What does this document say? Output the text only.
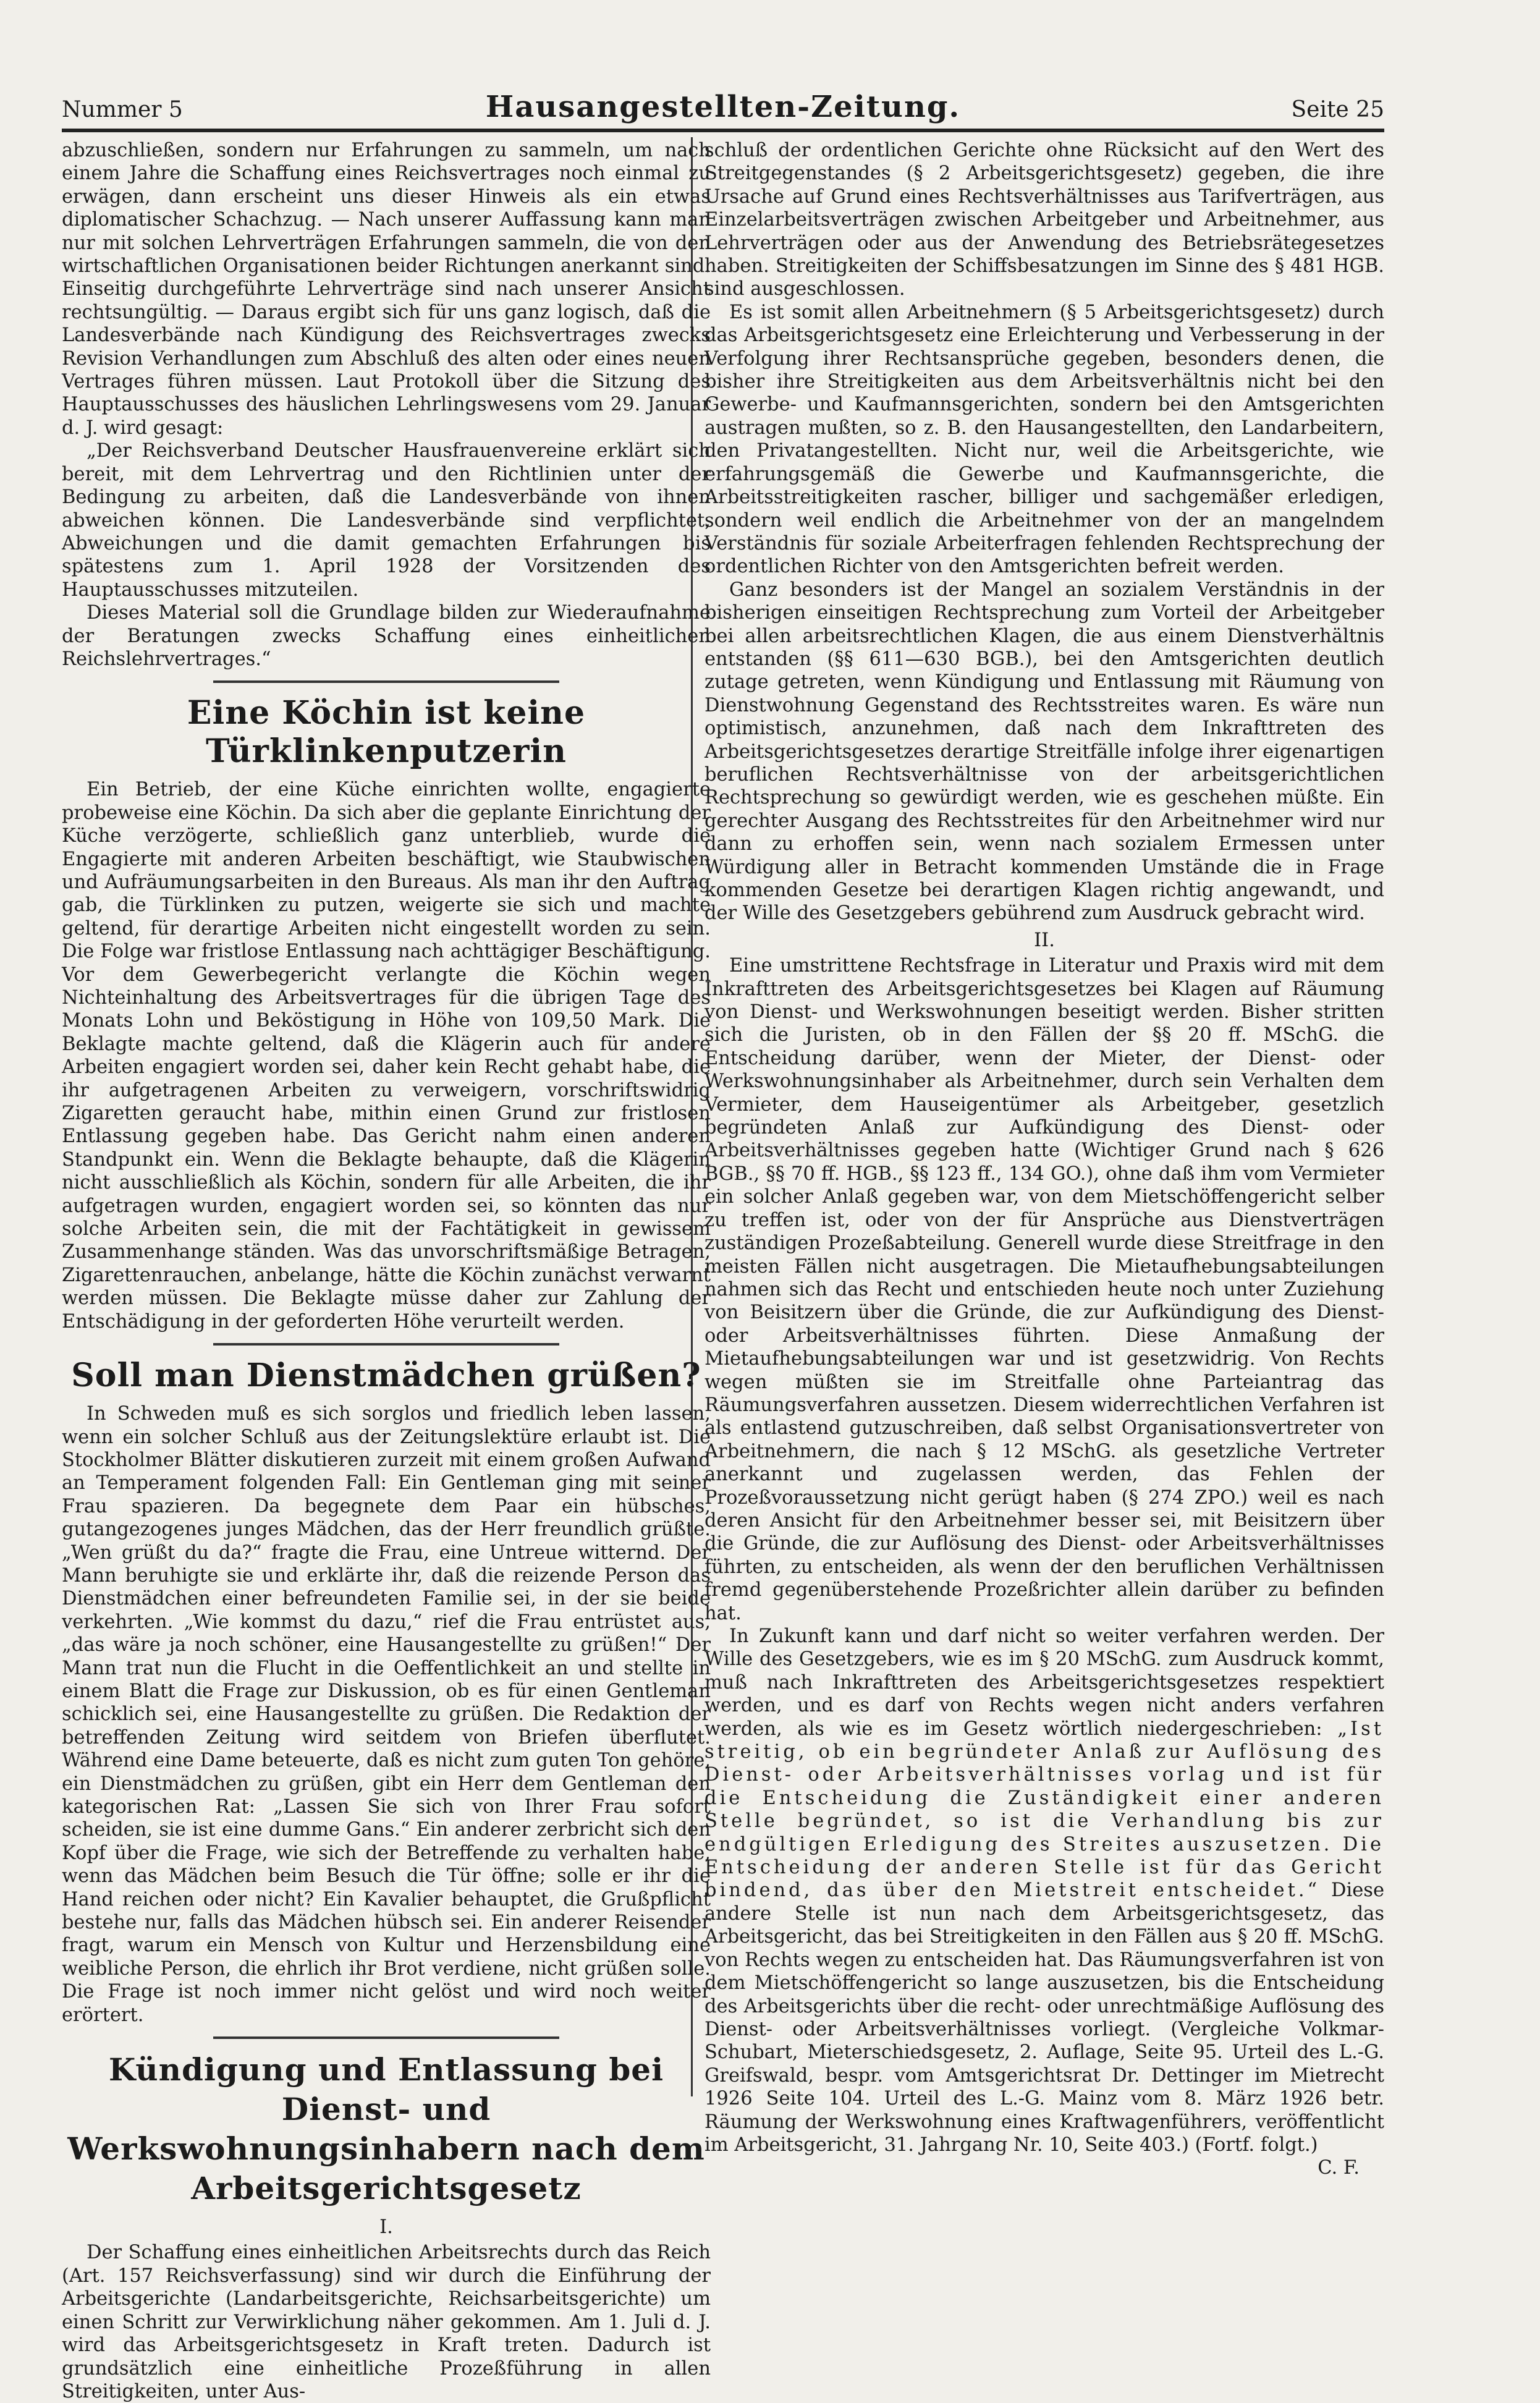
Nummer 5	Hausangestellten-Zeitung.	Seite 25

abzuschließen, sondern nur Erfahrungen zu sammeln, um nach einem Jahre die Schaffung eines Reichsvertrages noch einmal zu erwägen, dann erscheint uns dieser Hinweis als ein etwas diplomatischer Schachzug. — Nach unserer Auffassung kann man nur mit solchen Lehrverträgen Erfahrungen sammeln, die von den wirtschaftlichen Organisationen beider Richtungen anerkannt sind. Einseitig durchgeführte Lehrverträge sind nach unserer Ansicht rechtsungültig. — Daraus ergibt sich für uns ganz logisch, daß die Landesverbände nach Kündigung des Reichsvertrages zwecks Revision Verhandlungen zum Abschluß des alten oder eines neuen Vertrages führen müssen. Laut Protokoll über die Sitzung des Hauptausschusses des häuslichen Lehrlingswesens vom 29. Januar d. J. wird gesagt:

„Der Reichsverband Deutscher Hausfrauenvereine erklärt sich bereit, mit dem Lehrvertrag und den Richtlinien unter der Bedingung zu arbeiten, daß die Landesverbände von ihnen abweichen können. Die Landesverbände sind verpflichtet, Abweichungen und die damit gemachten Erfahrungen bis spätestens zum 1. April 1928 der Vorsitzenden des Hauptausschusses mitzuteilen.

Dieses Material soll die Grundlage bilden zur Wiederaufnahme der Beratungen zwecks Schaffung eines einheitlichen Reichslehrvertrages.“

Eine Köchin ist keine Türklinkenputzerin

Ein Betrieb, der eine Küche einrichten wollte, engagierte probeweise eine Köchin. Da sich aber die geplante Einrichtung der Küche verzögerte, schließlich ganz unterblieb, wurde die Engagierte mit anderen Arbeiten beschäftigt, wie Staubwischen und Aufräumungsarbeiten in den Bureaus. Als man ihr den Auftrag gab, die Türklinken zu putzen, weigerte sie sich und machte geltend, für derartige Arbeiten nicht eingestellt worden zu sein. Die Folge war fristlose Entlassung nach achttägiger Beschäftigung. Vor dem Gewerbegericht verlangte die Köchin wegen Nichteinhaltung des Arbeitsvertrages für die übrigen Tage des Monats Lohn und Beköstigung in Höhe von 109,50 Mark. Die Beklagte machte geltend, daß die Klägerin auch für andere Arbeiten engagiert worden sei, daher kein Recht gehabt habe, die ihr aufgetragenen Arbeiten zu verweigern, vorschriftswidrig Zigaretten geraucht habe, mithin einen Grund zur fristlosen Entlassung gegeben habe. Das Gericht nahm einen anderen Standpunkt ein. Wenn die Beklagte behaupte, daß die Klägerin nicht ausschließlich als Köchin, sondern für alle Arbeiten, die ihr aufgetragen wurden, engagiert worden sei, so könnten das nur solche Arbeiten sein, die mit der Fachtätigkeit in gewissem Zusammenhange ständen. Was das unvorschriftsmäßige Betragen, Zigarettenrauchen, anbelange, hätte die Köchin zunächst verwarnt werden müssen. Die Beklagte müsse daher zur Zahlung der Entschädigung in der geforderten Höhe verurteilt werden.

Soll man Dienstmädchen grüßen?

In Schweden muß es sich sorglos und friedlich leben lassen, wenn ein solcher Schluß aus der Zeitungslektüre erlaubt ist. Die Stockholmer Blätter diskutieren zurzeit mit einem großen Aufwand an Temperament folgenden Fall: Ein Gentleman ging mit seiner Frau spazieren. Da begegnete dem Paar ein hübsches, gutangezogenes junges Mädchen, das der Herr freundlich grüßte. „Wen grüßt du da?“ fragte die Frau, eine Untreue witternd. Der Mann beruhigte sie und erklärte ihr, daß die reizende Person das Dienstmädchen einer befreundeten Familie sei, in der sie beide verkehrten. „Wie kommst du dazu,“ rief die Frau entrüstet aus, „das wäre ja noch schöner, eine Hausangestellte zu grüßen!“ Der Mann trat nun die Flucht in die Oeffentlichkeit an und stellte in einem Blatt die Frage zur Diskussion, ob es für einen Gentleman schicklich sei, eine Hausangestellte zu grüßen. Die Redaktion der betreffenden Zeitung wird seitdem von Briefen überflutet. Während eine Dame beteuerte, daß es nicht zum guten Ton gehöre, ein Dienstmädchen zu grüßen, gibt ein Herr dem Gentleman den kategorischen Rat: „Lassen Sie sich von Ihrer Frau sofort scheiden, sie ist eine dumme Gans.“ Ein anderer zerbricht sich den Kopf über die Frage, wie sich der Betreffende zu verhalten habe, wenn das Mädchen beim Besuch die Tür öffne; solle er ihr die Hand reichen oder nicht? Ein Kavalier behauptet, die Grußpflicht bestehe nur, falls das Mädchen hübsch sei. Ein anderer Reisender fragt, warum ein Mensch von Kultur und Herzensbildung eine weibliche Person, die ehrlich ihr Brot verdiene, nicht grüßen solle. Die Frage ist noch immer nicht gelöst und wird noch weiter erörtert.

Kündigung und Entlassung bei Dienst- und Werkswohnungsinhabern nach dem Arbeitsgerichtsgesetz

I.

Der Schaffung eines einheitlichen Arbeitsrechts durch das Reich (Art. 157 Reichsverfassung) sind wir durch die Einführung der Arbeitsgerichte (Landarbeitsgerichte, Reichsarbeitsgerichte) um einen Schritt zur Verwirklichung näher gekommen. Am 1. Juli d. J. wird das Arbeitsgerichtsgesetz in Kraft treten. Dadurch ist grundsätzlich eine einheitliche Prozeßführung in allen Streitigkeiten, unter Aus-

schluß der ordentlichen Gerichte ohne Rücksicht auf den Wert des Streitgegenstandes (§ 2 Arbeitsgerichtsgesetz) gegeben, die ihre Ursache auf Grund eines Rechtsverhältnisses aus Tarifverträgen, aus Einzelarbeitsverträgen zwischen Arbeitgeber und Arbeitnehmer, aus Lehrverträgen oder aus der Anwendung des Betriebsrätegesetzes haben. Streitigkeiten der Schiffsbesatzungen im Sinne des § 481 HGB. sind ausgeschlossen.

Es ist somit allen Arbeitnehmern (§ 5 Arbeitsgerichtsgesetz) durch das Arbeitsgerichtsgesetz eine Erleichterung und Verbesserung in der Verfolgung ihrer Rechtsansprüche gegeben, besonders denen, die bisher ihre Streitigkeiten aus dem Arbeitsverhältnis nicht bei den Gewerbe- und Kaufmannsgerichten, sondern bei den Amtsgerichten austragen mußten, so z. B. den Hausangestellten, den Landarbeitern, den Privatangestellten. Nicht nur, weil die Arbeitsgerichte, wie erfahrungsgemäß die Gewerbe und Kaufmannsgerichte, die Arbeitsstreitigkeiten rascher, billiger und sachgemäßer erledigen, sondern weil endlich die Arbeitnehmer von der an mangelndem Verständnis für soziale Arbeiterfragen fehlenden Rechtsprechung der ordentlichen Richter von den Amtsgerichten befreit werden.

Ganz besonders ist der Mangel an sozialem Verständnis in der bisherigen einseitigen Rechtsprechung zum Vorteil der Arbeitgeber bei allen arbeitsrechtlichen Klagen, die aus einem Dienstverhältnis entstanden (§§ 611—630 BGB.), bei den Amtsgerichten deutlich zutage getreten, wenn Kündigung und Entlassung mit Räumung von Dienstwohnung Gegenstand des Rechtsstreites waren. Es wäre nun optimistisch, anzunehmen, daß nach dem Inkrafttreten des Arbeitsgerichtsgesetzes derartige Streitfälle infolge ihrer eigenartigen beruflichen Rechtsverhältnisse von der arbeitsgerichtlichen Rechtsprechung so gewürdigt werden, wie es geschehen müßte. Ein gerechter Ausgang des Rechtsstreites für den Arbeitnehmer wird nur dann zu erhoffen sein, wenn nach sozialem Ermessen unter Würdigung aller in Betracht kommenden Umstände die in Frage kommenden Gesetze bei derartigen Klagen richtig angewandt, und der Wille des Gesetzgebers gebührend zum Ausdruck gebracht wird.

II.

Eine umstrittene Rechtsfrage in Literatur und Praxis wird mit dem Inkrafttreten des Arbeitsgerichtsgesetzes bei Klagen auf Räumung von Dienst- und Werkswohnungen beseitigt werden. Bisher stritten sich die Juristen, ob in den Fällen der §§ 20 ff. MSchG. die Entscheidung darüber, wenn der Mieter, der Dienst- oder Werkswohnungsinhaber als Arbeitnehmer, durch sein Verhalten dem Vermieter, dem Hauseigentümer als Arbeitgeber, gesetzlich begründeten Anlaß zur Aufkündigung des Dienst- oder Arbeitsverhältnisses gegeben hatte (Wichtiger Grund nach § 626 BGB., §§ 70 ff. HGB., §§ 123 ff., 134 GO.), ohne daß ihm vom Vermieter ein solcher Anlaß gegeben war, von dem Mietschöffengericht selber zu treffen ist, oder von der für Ansprüche aus Dienstverträgen zuständigen Prozeßabteilung. Generell wurde diese Streitfrage in den meisten Fällen nicht ausgetragen. Die Mietaufhebungsabteilungen nahmen sich das Recht und entschieden heute noch unter Zuziehung von Beisitzern über die Gründe, die zur Aufkündigung des Dienst- oder Arbeitsverhältnisses führten. Diese Anmaßung der Mietaufhebungsabteilungen war und ist gesetzwidrig. Von Rechts wegen müßten sie im Streitfalle ohne Parteiantrag das Räumungsverfahren aussetzen. Diesem widerrechtlichen Verfahren ist als entlastend gutzuschreiben, daß selbst Organisationsvertreter von Arbeitnehmern, die nach § 12 MSchG. als gesetzliche Vertreter anerkannt und zugelassen werden, das Fehlen der Prozeßvoraussetzung nicht gerügt haben (§ 274 ZPO.) weil es nach deren Ansicht für den Arbeitnehmer besser sei, mit Beisitzern über die Gründe, die zur Auflösung des Dienst- oder Arbeitsverhältnisses führten, zu entscheiden, als wenn der den beruflichen Verhältnissen fremd gegenüberstehende Prozeßrichter allein darüber zu befinden hat.

In Zukunft kann und darf nicht so weiter verfahren werden. Der Wille des Gesetzgebers, wie es im § 20 MSchG. zum Ausdruck kommt, muß nach Inkrafttreten des Arbeitsgerichtsgesetzes respektiert werden, und es darf von Rechts wegen nicht anders verfahren werden, als wie es im Gesetz wörtlich niedergeschrieben: „Ist streitig, ob ein begründeter Anlaß zur Auflösung des Dienst- oder Arbeitsverhältnisses vorlag und ist für die Entscheidung die Zuständigkeit einer anderen Stelle begründet, so ist die Verhandlung bis zur endgültigen Erledigung des Streites auszusetzen. Die Entscheidung der anderen Stelle ist für das Gericht bindend, das über den Mietstreit entscheidet.“ Diese andere Stelle ist nun nach dem Arbeitsgerichtsgesetz, das Arbeitsgericht, das bei Streitigkeiten in den Fällen aus § 20 ff. MSchG. von Rechts wegen zu entscheiden hat. Das Räumungsverfahren ist von dem Mietschöffengericht so lange auszusetzen, bis die Entscheidung des Arbeitsgerichts über die recht- oder unrechtmäßige Auflösung des Dienst- oder Arbeitsverhältnisses vorliegt. (Vergleiche Volkmar-Schubart, Mieterschiedsgesetz, 2. Auflage, Seite 95. Urteil des L.-G. Greifswald, bespr. vom Amtsgerichtsrat Dr. Dettinger im Mietrecht 1926 Seite 104. Urteil des L.-G. Mainz vom 8. März 1926 betr. Räumung der Werkswohnung eines Kraftwagenführers, veröffentlicht im Arbeitsgericht, 31. Jahrgang Nr. 10, Seite 403.) (Fortf. folgt.)

C. F.
